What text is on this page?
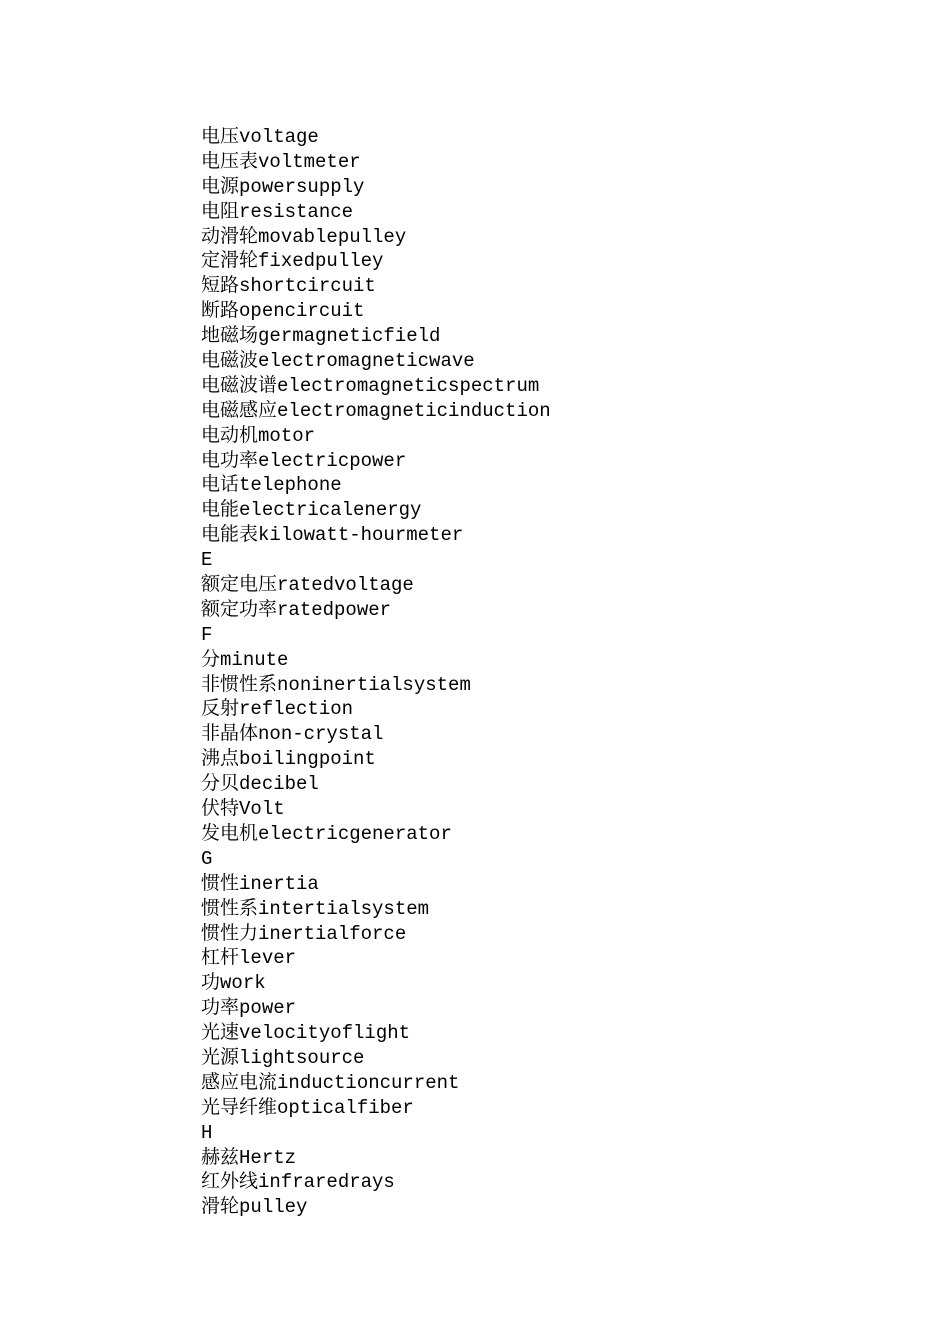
电压voltage
电压表voltmeter
电源powersupply
电阻resistance
动滑轮movablepulley
定滑轮fixedpulley
短路shortcircuit
断路opencircuit
地磁场germagneticfield
电磁波electromagneticwave
电磁波谱electromagneticspectrum
电磁感应electromagneticinduction
电动机motor
电功率electricpower
电话telephone
电能electricalenergy
电能表kilowatt-hourmeter
E
额定电压ratedvoltage
额定功率ratedpower
F
分minute
非惯性系noninertialsystem
反射reflection
非晶体non-crystal
沸点boilingpoint
分贝decibel
伏特Volt
发电机electricgenerator
G
惯性inertia
惯性系intertialsystem
惯性力inertialforce
杠杆lever
功work
功率power
光速velocityoflight
光源lightsource
感应电流inductioncurrent
光导纤维opticalfiber
H
赫兹Hertz
红外线infraredrays
滑轮pulley
